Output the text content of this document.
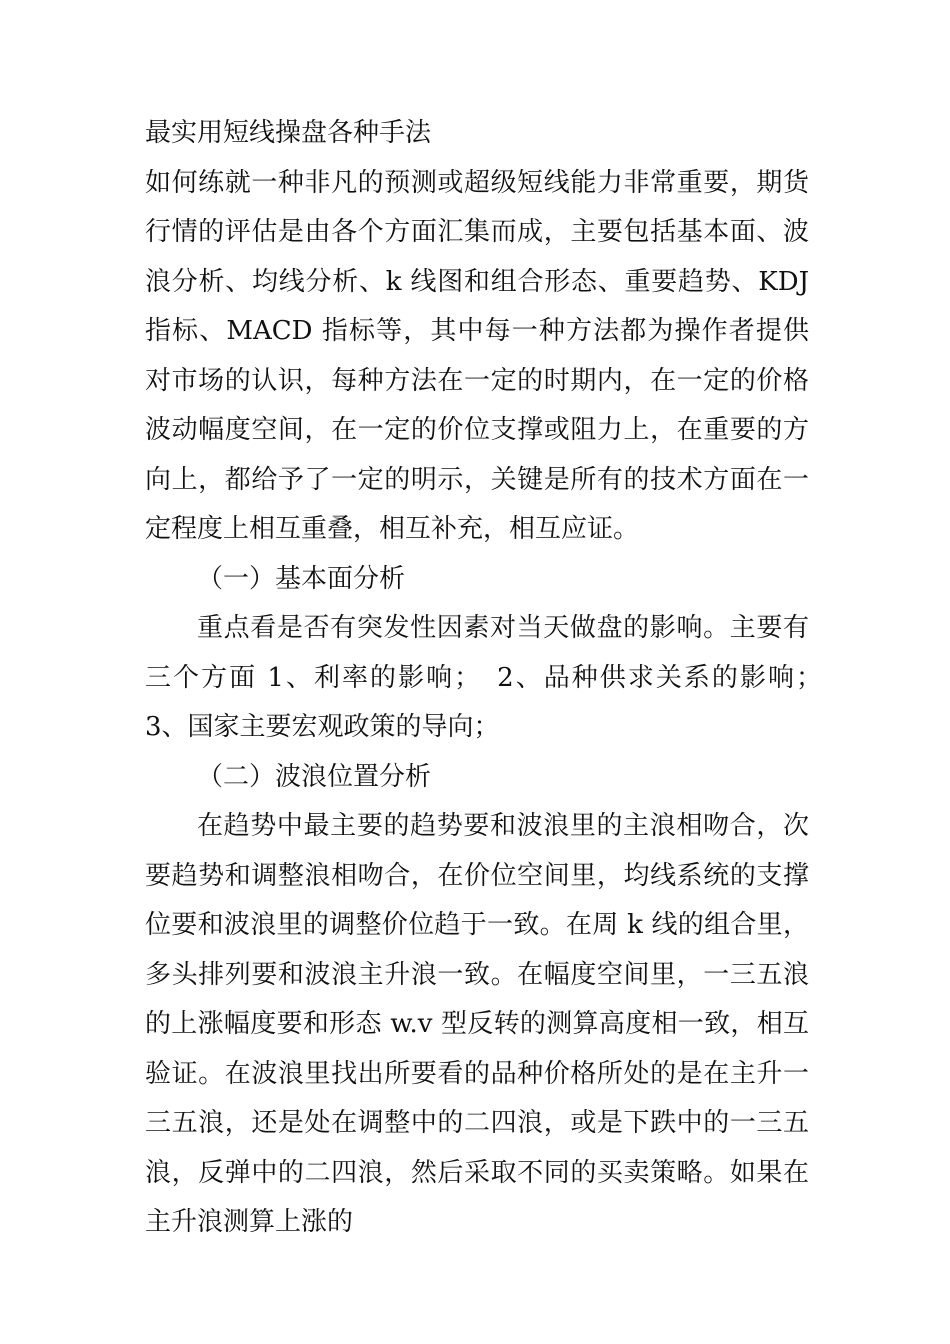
最实用短线操盘各种手法

如何练就一种非凡的预测或超级短线能力非常重要，期货行情的评估是由各个方面汇集而成，主要包括基本面、波浪分析、均线分析、k 线图和组合形态、重要趋势、KDJ 指标、MACD 指标等，其中每一种方法都为操作者提供对市场的认识，每种方法在一定的时期内，在一定的价格波动幅度空间，在一定的价位支撑或阻力上，在重要的方向上，都给予了一定的明示，关键是所有的技术方面在一定程度上相互重叠，相互补充，相互应证。

（一）基本面分析

重点看是否有突发性因素对当天做盘的影响。主要有三个方面 1、利率的影响；　2、品种供求关系的影响；　3、国家主要宏观政策的导向；

（二）波浪位置分析

在趋势中最主要的趋势要和波浪里的主浪相吻合，次要趋势和调整浪相吻合，在价位空间里，均线系统的支撑位要和波浪里的调整价位趋于一致。在周 k 线的组合里，多头排列要和波浪主升浪一致。在幅度空间里，一三五浪的上涨幅度要和形态 w.v 型反转的测算高度相一致，相互验证。在波浪里找出所要看的品种价格所处的是在主升一三五浪，还是处在调整中的二四浪，或是下跌中的一三五浪，反弹中的二四浪，然后采取不同的买卖策略。如果在主升浪测算上涨的
